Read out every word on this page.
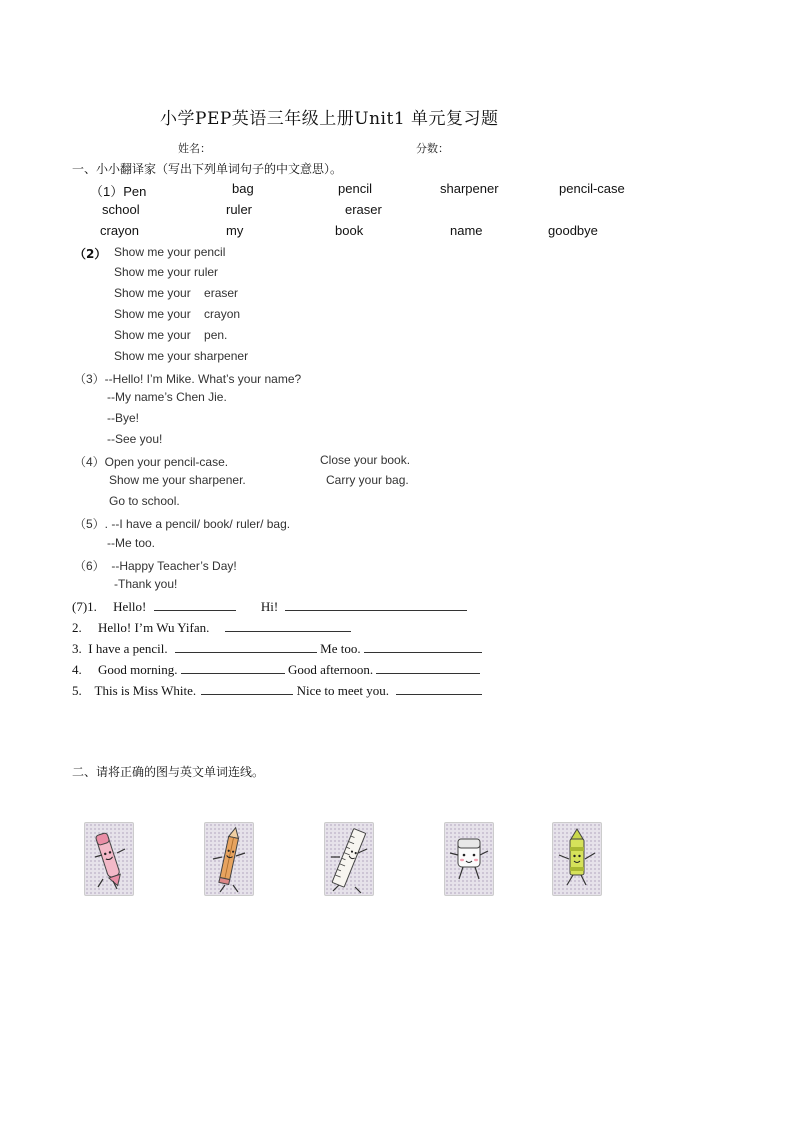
小学PEP英语三年级上册Unit1 单元复习题
姓名：	分数：
一、小小翻译家（写出下列单词句子的中文意思）。
（1）Pen	bag	pencil	sharpener	pencil-case
school	ruler	eraser
crayon	my	book	name	goodbye
（2） Show me your pencil
Show me your ruler
Show me your    eraser
Show me your    crayon
Show me your    pen.
Show me your sharpener
（3）--Hello! I’m Mike. What’s your name?
--My name’s Chen Jie.
--Bye!
--See you!
（4）Open your pencil-case.	Close your book.
Show me your sharpener.	Carry your bag.
Go to school.
（5）. --I have a pencil/ book/ ruler/ bag.
--Me too.
（6）  --Happy Teacher’s Day!
-Thank you!
(7)1.     Hello!	Hi!
2.     Hello! I’m Wu Yifan.
3.  I have a pencil.	Me too.
4.     Good morning.	Good afternoon.
5.    This is Miss White.	Nice to meet you.
二、请将正确的图与英文单词连线。
